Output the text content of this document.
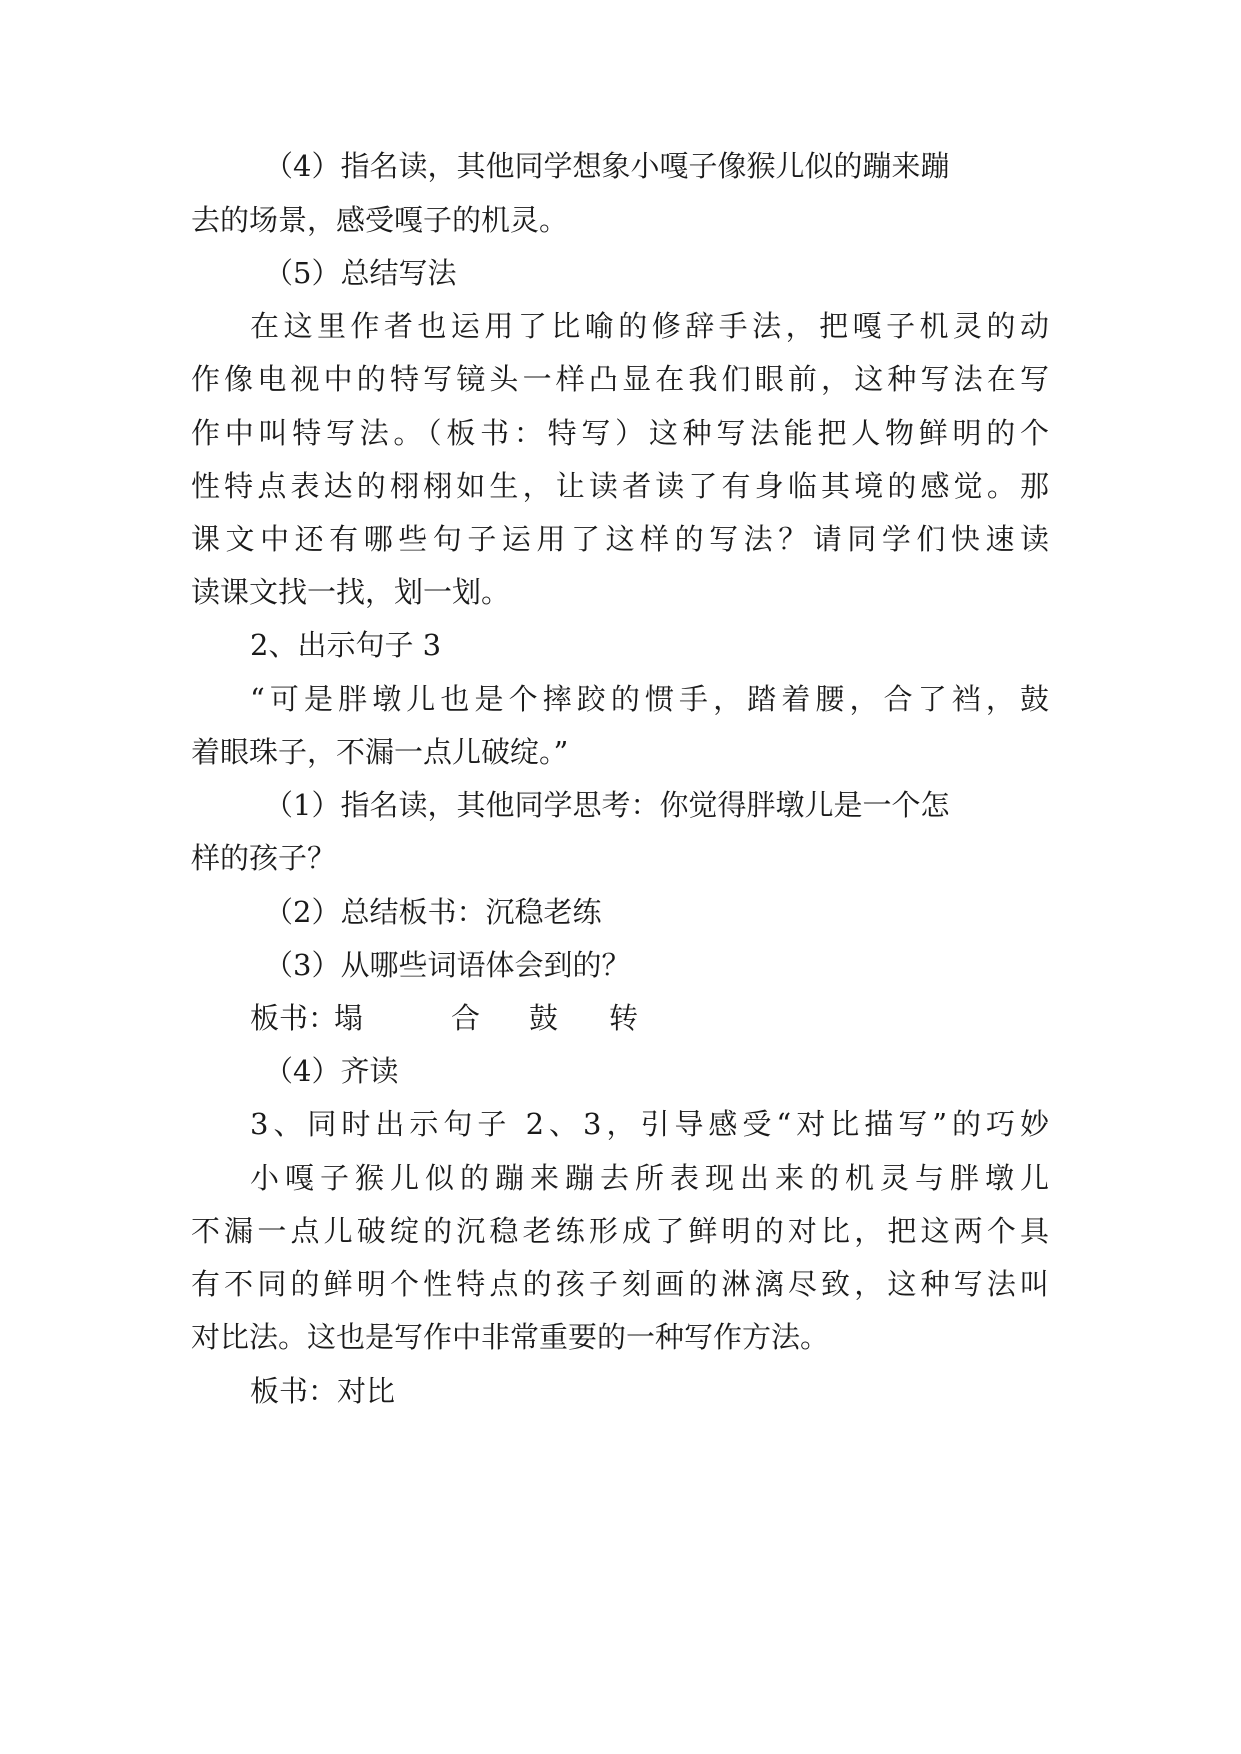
（4）指名读，其他同学想象小嘎子像猴儿似的蹦来蹦
去的场景，感受嘎子的机灵。
（5）总结写法
在这里作者也运用了比喻的修辞手法，把嘎子机灵的动
作像电视中的特写镜头一样凸显在我们眼前，这种写法在写
作中叫特写法。（板书：特写）这种写法能把人物鲜明的个
性特点表达的栩栩如生，让读者读了有身临其境的感觉。那
课文中还有哪些句子运用了这样的写法？请同学们快速读
读课文找一找，划一划。
2、出示句子 3
“可是胖墩儿也是个摔跤的惯手，踏着腰，合了裆，鼓
着眼珠子，不漏一点儿破绽。”
（1）指名读，其他同学思考：你觉得胖墩儿是一个怎
样的孩子？
（2）总结板书：沉稳老练
（3）从哪些词语体会到的？
板书：
塌	合 鼓 转
（4）齐读
3、同时出示句子 2、3，引导感受“对比描写”的巧妙
小嘎子猴儿似的蹦来蹦去所表现出来的机灵与胖墩儿
不漏一点儿破绽的沉稳老练形成了鲜明的对比，把这两个具
有不同的鲜明个性特点的孩子刻画的淋漓尽致，这种写法叫
对比法。这也是写作中非常重要的一种写作方法。
板书：对比
